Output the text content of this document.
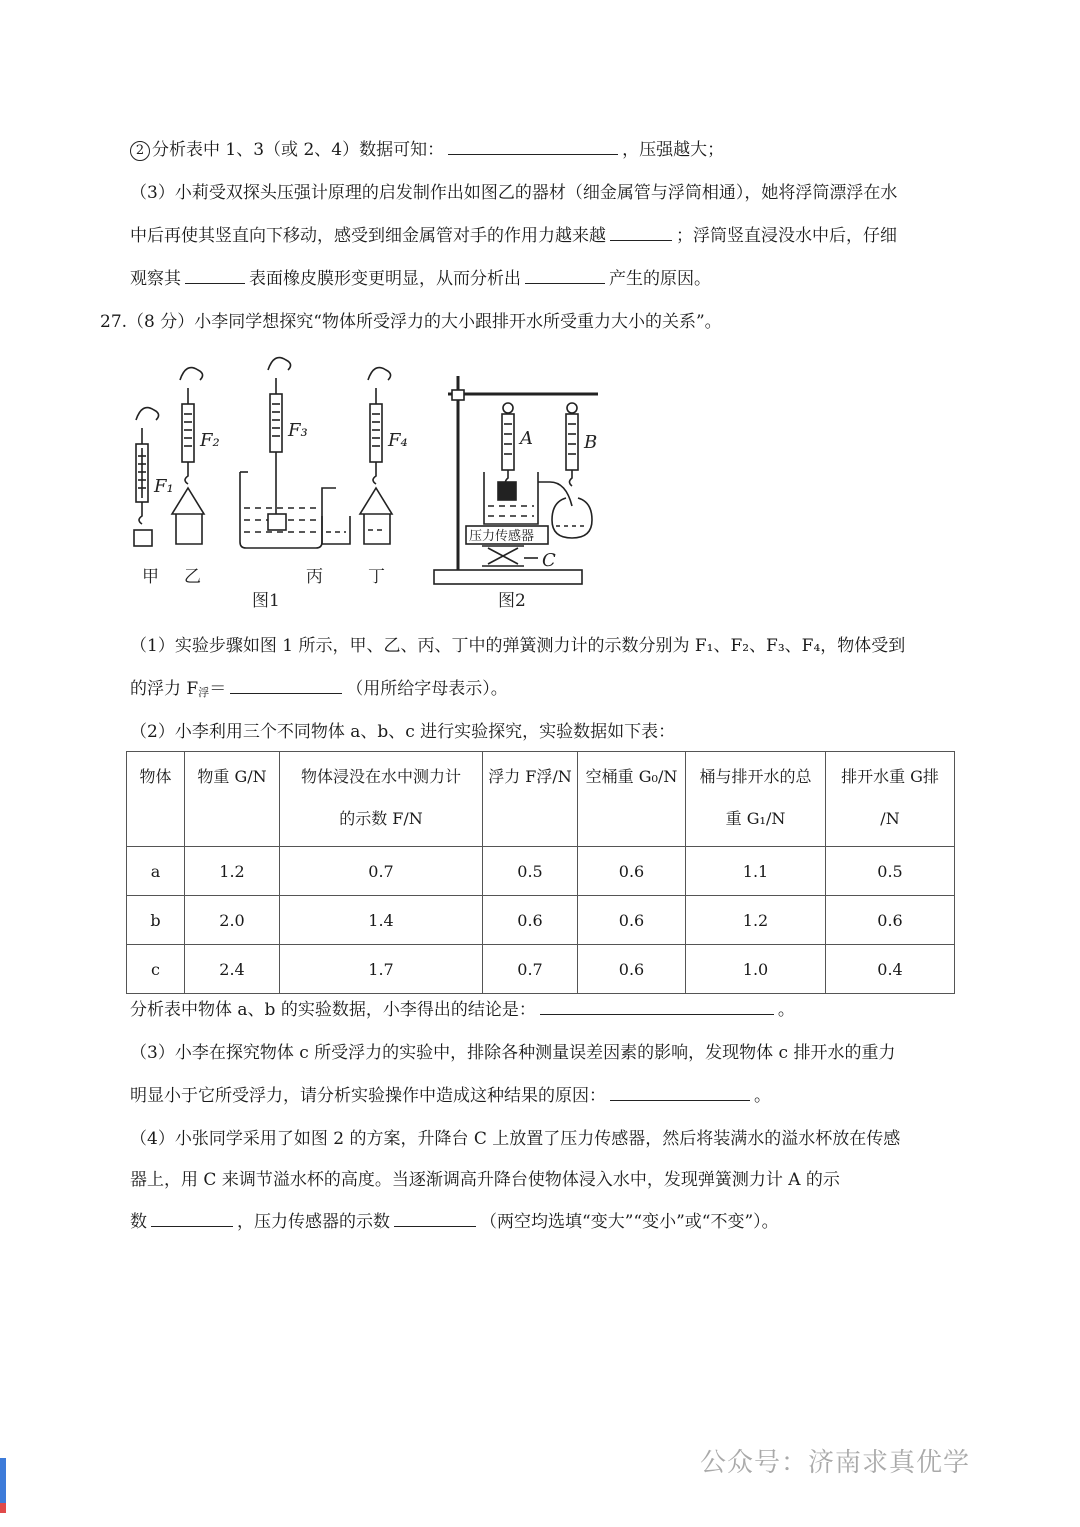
2 分析表中 1、3（或 2、4）数据可知：	，压强越大；
（3）小莉受双探头压强计原理的启发制作出如图乙的器材（细金属管与浮筒相通），她将浮筒漂浮在水
中后再使其竖直向下移动，感受到细金属管对手的作用力越来越	；浮筒竖直浸没水中后，仔细
观察其	表面橡皮膜形变更明显，从而分析出	产生的原因。
27.（8 分）小李同学想探究“物体所受浮力的大小跟排开水所受重力大小的关系”。
F₁
甲
F₂
乙
F₃
丙
F₄
丁
图1
压力传感器
A	B
C
图2
（1）实验步骤如图 1 所示，甲、乙、丙、丁中的弹簧测力计的示数分别为 F₁、F₂、F₃、F₄，物体受到
的浮力 F浮＝	（用所给字母表示）。
（2）小李利用三个不同物体 a、b、c 进行实验探究，实验数据如下表：
物体	物重 G/N	物体浸没在水中测力计
的示数 F/N	浮力 F浮/N	空桶重 G₀/N	桶与排开水的总
重 G₁/N	排开水重 G排
/N
a	1.2	0.7	0.5	0.6	1.1	0.5
b	2.0	1.4	0.6	0.6	1.2	0.6
c	2.4	1.7	0.7	0.6	1.0	0.4
分析表中物体 a、b 的实验数据，小李得出的结论是：	。
（3）小李在探究物体 c 所受浮力的实验中，排除各种测量误差因素的影响，发现物体 c 排开水的重力
明显小于它所受浮力，请分析实验操作中造成这种结果的原因：	。
（4）小张同学采用了如图 2 的方案，升降台 C 上放置了压力传感器，然后将装满水的溢水杯放在传感
器上，用 C 来调节溢水杯的高度。当逐渐调高升降台使物体浸入水中，发现弹簧测力计 A 的示
数	，压力传感器的示数	（两空均选填“变大”“变小”或“不变”）。
公众号：济南求真优学
